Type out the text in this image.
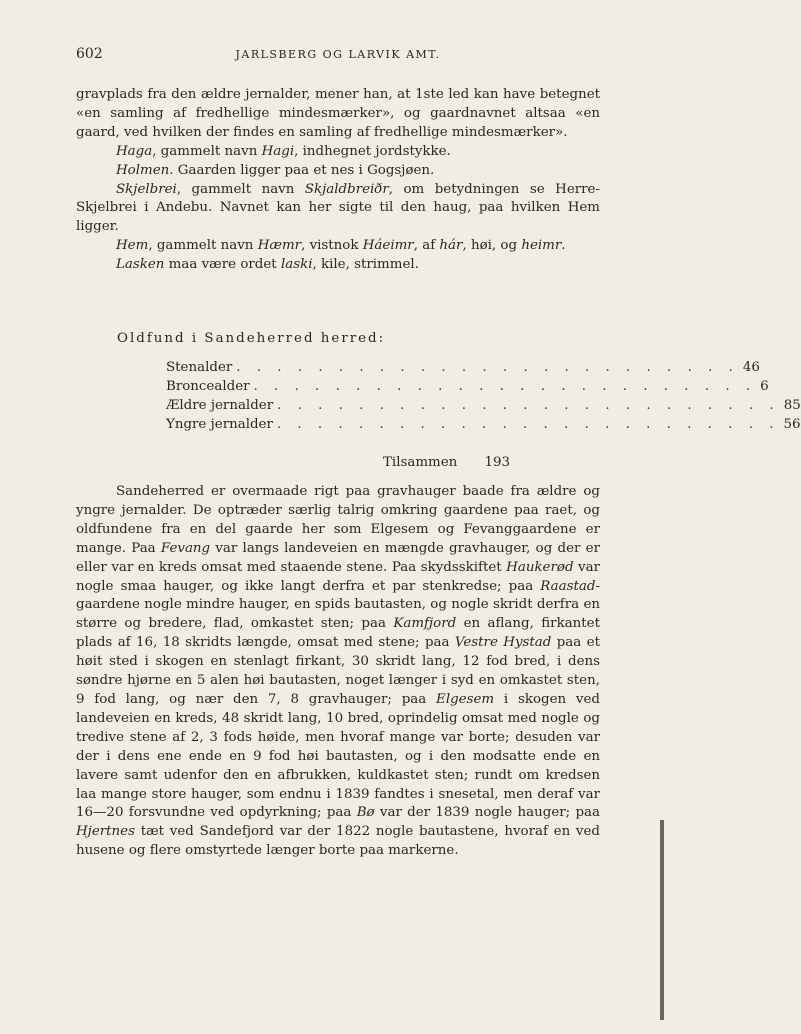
602	JARLSBERG OG LARVIK AMT.

gravplads fra den ældre jernalder, mener han, at 1ste led kan have betegnet «en samling af fredhellige mindesmærker», og gaardnavnet altsaa «en gaard, ved hvilken der findes en samling af fredhellige mindesmærker».

Haga, gammelt navn Hagi, indhegnet jordstykke.

Holmen. Gaarden ligger paa et nes i Gogsjøen.

Skjelbrei, gammelt navn Skjaldbreiðr, om betydningen se Herre-Skjelbrei i Andebu. Navnet kan her sigte til den haug, paa hvilken Hem ligger.

Hem, gammelt navn Hæmr, vistnok Háeimr, af hár, høi, og heimr.

Lasken maa være ordet laski, kile, strimmel.

Oldfund i Sandeherred herred:
Stenalder . . . . . . . . . . . . . . . . . . . . . . . . . 46
Broncealder . . . . . . . . . . . . . . . . . . . . . . . . . 6
Ældre jernalder . . . . . . . . . . . . . . . . . . . . . . . . . 85
Yngre jernalder . . . . . . . . . . . . . . . . . . . . . . . . . 56
Tilsammen 193

Sandeherred er overmaade rigt paa gravhauger baade fra ældre og yngre jernalder. De optræder særlig talrig omkring gaardene paa raet, og oldfundene fra en del gaarde her som Elgesem og Fevanggaardene er mange. Paa Fevang var langs landeveien en mængde gravhauger, og der er eller var en kreds omsat med staaende stene. Paa skydsskiftet Haukerød var nogle smaa hauger, og ikke langt derfra et par stenkredse; paa Raastad-gaardene nogle mindre hauger, en spids bautasten, og nogle skridt derfra en større og bredere, flad, omkastet sten; paa Kamfjord en aflang, firkantet plads af 16, 18 skridts længde, omsat med stene; paa Vestre Hystad paa et høit sted i skogen en stenlagt firkant, 30 skridt lang, 12 fod bred, i dens søndre hjørne en 5 alen høi bautasten, noget længer i syd en omkastet sten, 9 fod lang, og nær den 7, 8 gravhauger; paa Elgesem i skogen ved landeveien en kreds, 48 skridt lang, 10 bred, oprindelig omsat med nogle og tredive stene af 2, 3 fods høide, men hvoraf mange var borte; desuden var der i dens ene ende en 9 fod høi bautasten, og i den modsatte ende en lavere samt udenfor den en afbrukken, kuldkastet sten; rundt om kredsen laa mange store hauger, som endnu i 1839 fandtes i snesetal, men deraf var 16—20 forsvundne ved opdyrkning; paa Bø var der 1839 nogle hauger; paa Hjertnes tæt ved Sandefjord var der 1822 nogle bautastene, hvoraf en ved husene og flere omstyrtede længer borte paa markerne.
